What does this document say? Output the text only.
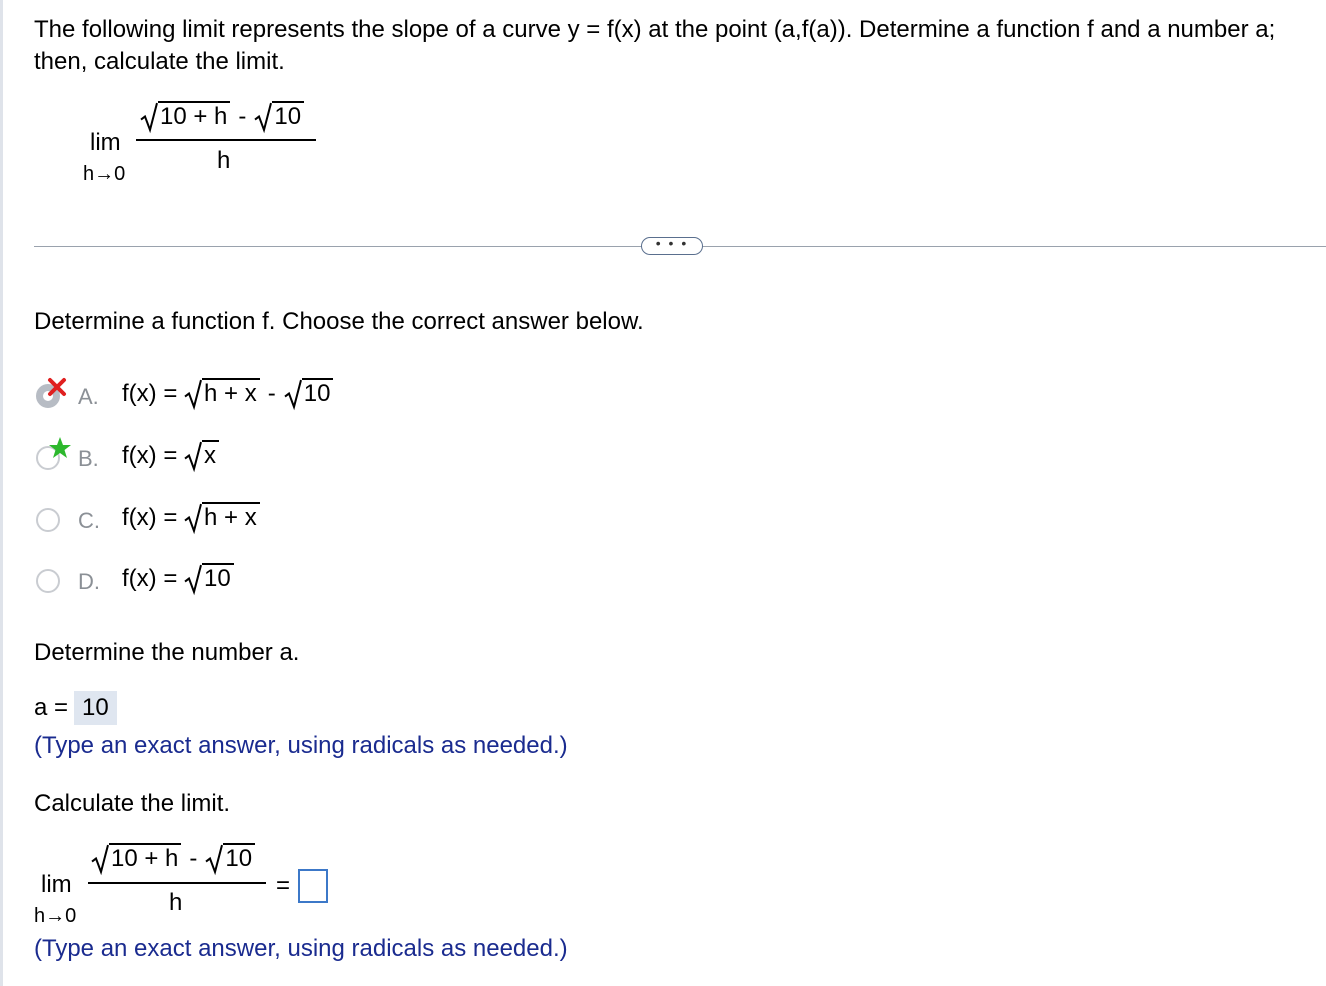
The following limit represents the slope of a curve y = f(x) at the point (a,f(a)). Determine a function f and a number a; then, calculate the limit.
lim
h→0
10 + h - 10
h
• • •
Determine a function f. Choose the correct answer below.
A. f(x) = h + x - 10
B. f(x) = x
C. f(x) = h + x
D. f(x) = 10
Determine the number a.
a = 10
(Type an exact answer, using radicals as needed.)
Calculate the limit.
lim
h→0
10 + h - 10
h
=
(Type an exact answer, using radicals as needed.)
